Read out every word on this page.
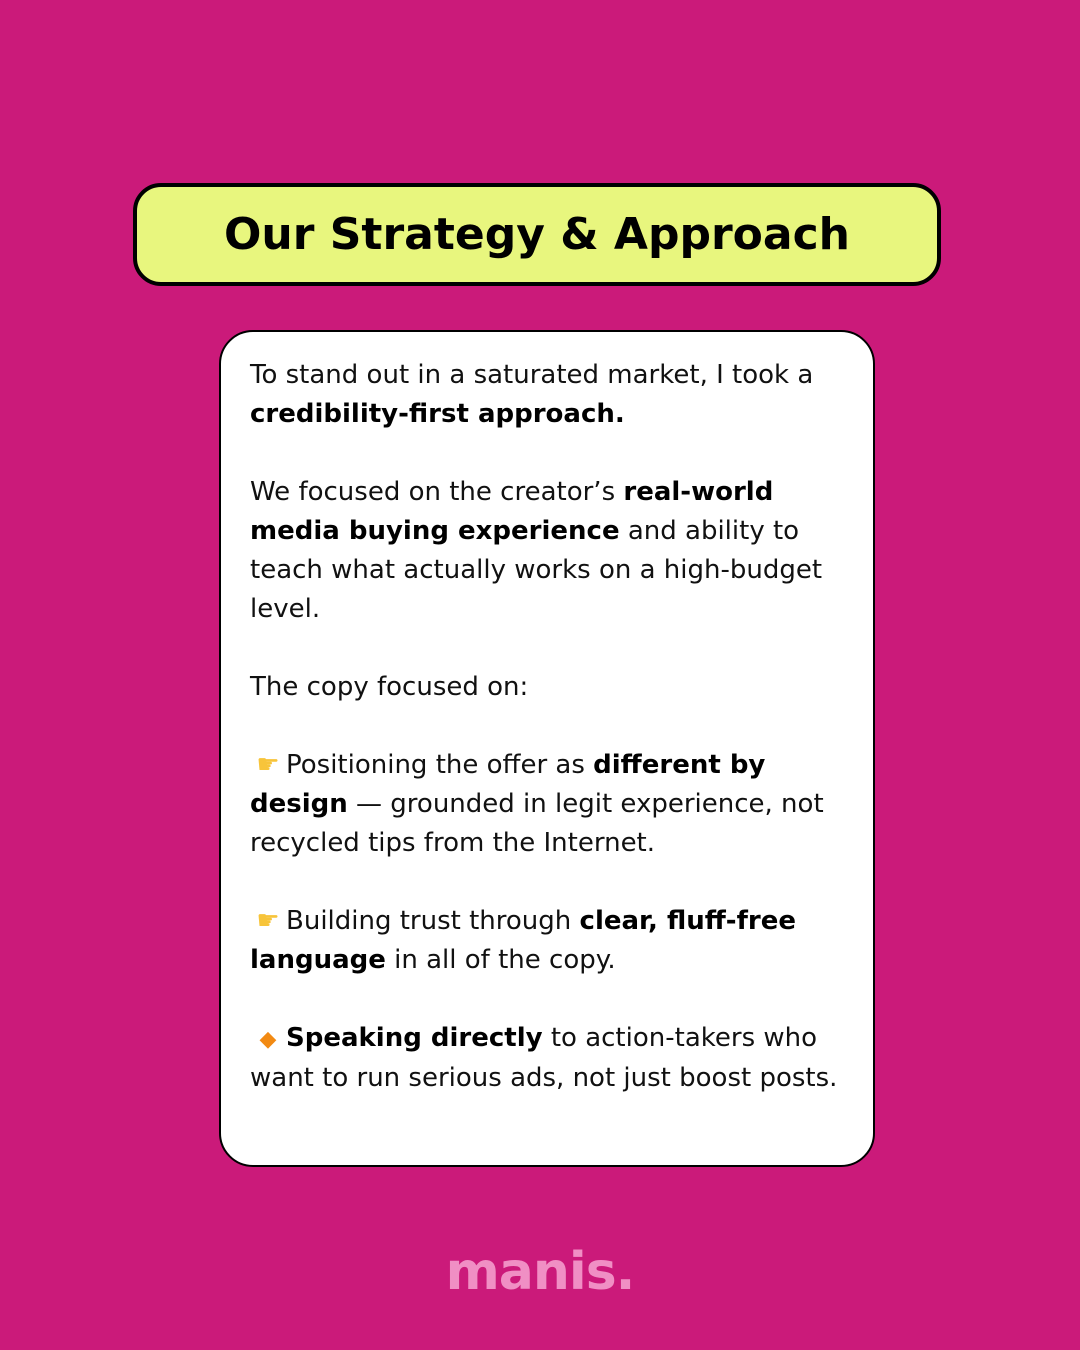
Our Strategy & Approach

To stand out in a saturated market, I took a credibility-first approach.

We focused on the creator’s real-world media buying experience and ability to teach what actually works on a high-budget level.

The copy focused on:

☛ Positioning the offer as different by design — grounded in legit experience, not recycled tips from the Internet.

☛ Building trust through clear, fluff-free language in all of the copy.

◆ Speaking directly to action-takers who want to run serious ads, not just boost posts.

manis.
